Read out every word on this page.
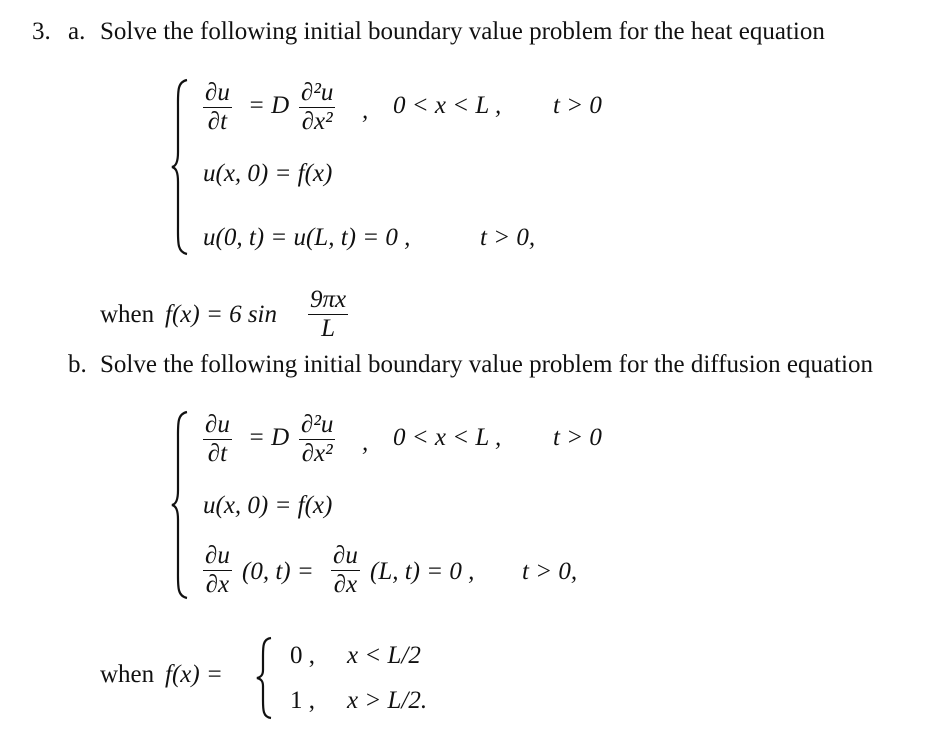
3. a. Solve the following initial boundary value problem for the heat equation
∂u
∂t
= D ∂²u
∂x² , 0 < x < L , t > 0
u(x, 0) = f(x)
u(0, t) = u(L, t) = 0 ,	t > 0,
when f(x) = 6 sin
9πx
L
b. Solve the following initial boundary value problem for the diffusion equation
∂u
∂t
= D ∂²u
∂x² , 0 < x < L , t > 0
u(x, 0) = f(x)
∂u
∂x (0, t) =
∂u
∂x (L, t) = 0 , t > 0,
when f(x) =
0 , x < L/2
1 , x > L/2.
